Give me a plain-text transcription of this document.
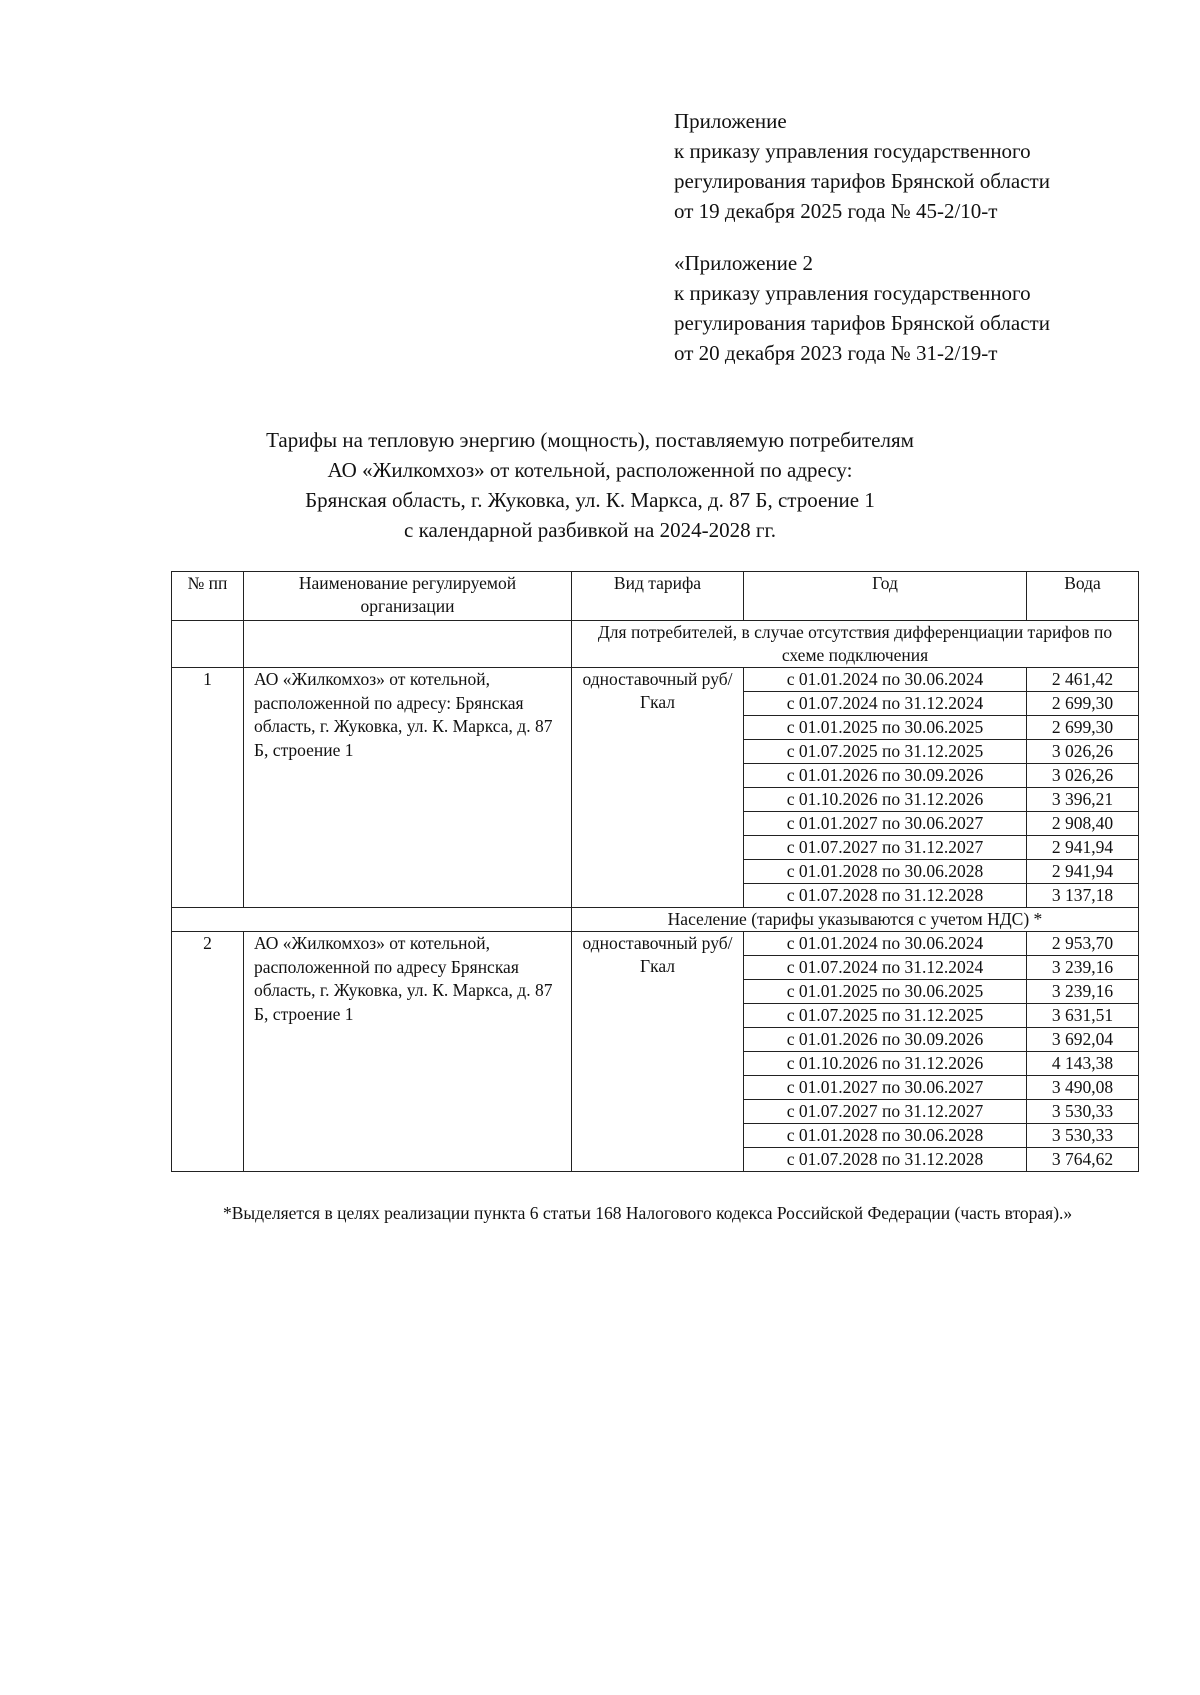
Приложение
к приказу управления государственного
регулирования тарифов Брянской области
от 19 декабря 2025 года № 45-2/10-т
«Приложение 2
к приказу управления государственного
регулирования тарифов Брянской области
от 20 декабря 2023 года № 31-2/19-т
Тарифы на тепловую энергию (мощность), поставляемую потребителям
АО «Жилкомхоз» от котельной, расположенной по адресу:
Брянская область, г. Жуковка, ул. К. Маркса, д. 87 Б, строение 1
с календарной разбивкой на 2024-2028 гг.
№ пп	Наименование регулируемой организации	Вид тарифа	Год	Вода
		Для потребителей, в случае отсутствия дифференциации тарифов по схеме подключения		
1	АО «Жилкомхоз» от котельной, расположенной по адресу: Брянская область, г. Жуковка, ул. К. Маркса, д. 87 Б, строение 1	одноставочный руб/Гкал	с 01.01.2024 по 30.06.2024	2 461,42
			с 01.07.2024 по 31.12.2024	2 699,30
			с 01.01.2025 по 30.06.2025	2 699,30
			с 01.07.2025 по 31.12.2025	3 026,26
			с 01.01.2026 по 30.09.2026	3 026,26
			с 01.10.2026 по 31.12.2026	3 396,21
			с 01.01.2027 по 30.06.2027	2 908,40
			с 01.07.2027 по 31.12.2027	2 941,94
			с 01.01.2028 по 30.06.2028	2 941,94
			с 01.07.2028 по 31.12.2028	3 137,18
		Население (тарифы указываются с учетом НДС) *		
2	АО «Жилкомхоз» от котельной, расположенной по адресу Брянская область, г. Жуковка, ул. К. Маркса, д. 87 Б, строение 1	одноставочный руб/Гкал	с 01.01.2024 по 30.06.2024	2 953,70
			с 01.07.2024 по 31.12.2024	3 239,16
			с 01.01.2025 по 30.06.2025	3 239,16
			с 01.07.2025 по 31.12.2025	3 631,51
			с 01.01.2026 по 30.09.2026	3 692,04
			с 01.10.2026 по 31.12.2026	4 143,38
			с 01.01.2027 по 30.06.2027	3 490,08
			с 01.07.2027 по 31.12.2027	3 530,33
			с 01.01.2028 по 30.06.2028	3 530,33
			с 01.07.2028 по 31.12.2028	3 764,62
*Выделяется в целях реализации пункта 6 статьи 168 Налогового кодекса Российской Федерации (часть вторая).»
